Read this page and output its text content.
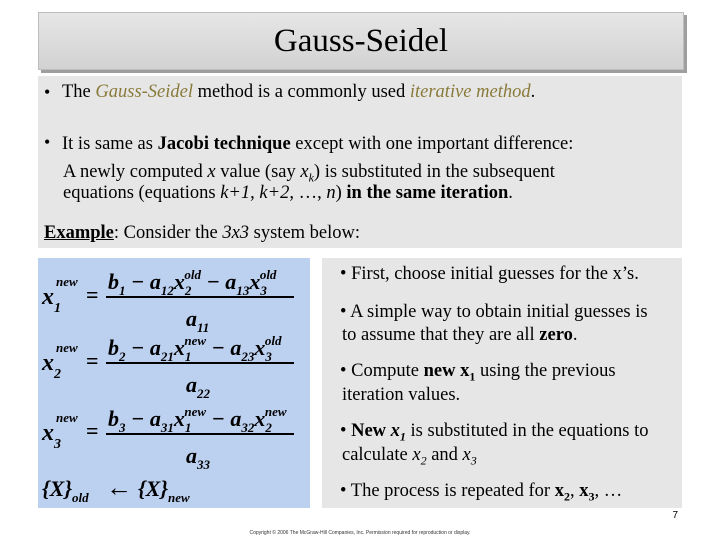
Gauss-Seidel
• The Gauss-Seidel method is a commonly used iterative method.
• It is same as Jacobi technique except with one important difference:
A newly computed x value (say $x_k$) is substituted in the subsequent
equations (equations k+1, k+2, …, n) in the same iteration.
Example: Consider the 3x3 system below:
$x_1$
new
=
$b_1 - a_{12}x_2old - a_{13}x_3old$
$a_{11}$
$x_2$
new
=
$b_2 - a_{21}x_1new - a_{23}x_3old$
$a_{22}$
$x_3$
new
= $b_3 - a_{31}x_1new - a_{32}x_2new$
$a_{33}$
$\{X\}_{old}$ ← $\{X\}_{new}$
• First, choose initial guesses for the x’s.
• A simple way to obtain initial guesses is
to assume that they are all zero.
• Compute new $x_1$ using the previous
iteration values.
• New $x_1$ is substituted in the equations to
calculate $x_2$ and $x_3$
• The process is repeated for $x_2$, $x_3$, …
7
Copyright © 2006 The McGraw-Hill Companies, Inc. Permission required for reproduction or display.
